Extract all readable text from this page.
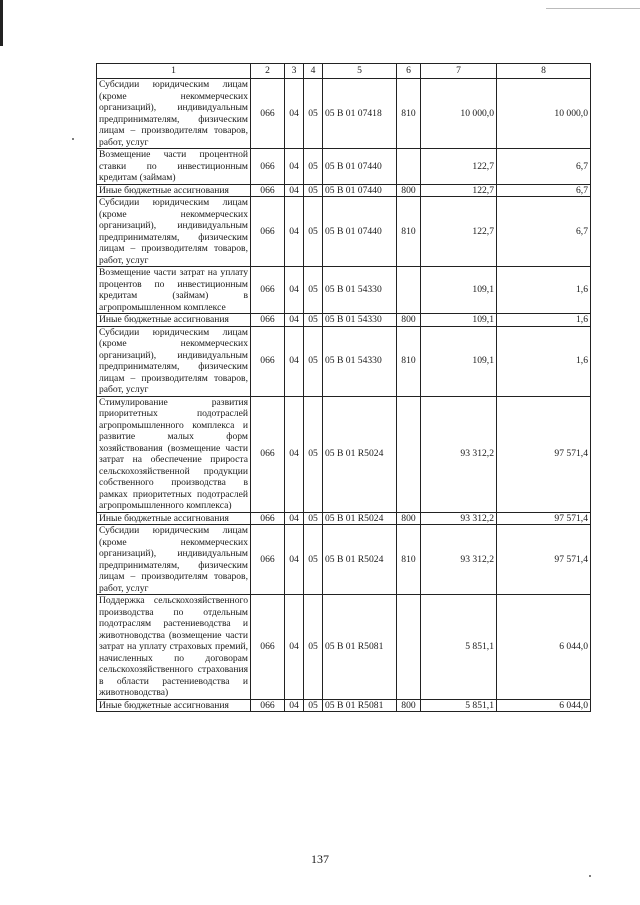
1	2	3	4	5	6	7	8
Субсидии юридическим лицам (кроме некоммерческих организаций), индивидуальным предпринимателям, физическим лицам – производителям товаров, работ, услуг	066	04	05	05 В 01 07418	810	10 000,0	10 000,0
Возмещение части процентной ставки по инвестиционным кредитам (займам)	066	04	05	05 В 01 07440		122,7	6,7
Иные бюджетные ассигнования	066	04	05	05 В 01 07440	800	122,7	6,7
Субсидии юридическим лицам (кроме некоммерческих организаций), индивидуальным предпринимателям, физическим лицам – производителям товаров, работ, услуг	066	04	05	05 В 01 07440	810	122,7	6,7
Возмещение части затрат на уплату процентов по инвестиционным кредитам (займам) в агропромышленном комплексе	066	04	05	05 В 01 54330		109,1	1,6
Иные бюджетные ассигнования	066	04	05	05 В 01 54330	800	109,1	1,6
Субсидии юридическим лицам (кроме некоммерческих организаций), индивидуальным предпринимателям, физическим лицам – производителям товаров, работ, услуг	066	04	05	05 В 01 54330	810	109,1	1,6
Стимулирование развития приоритетных подотраслей агропромышленного комплекса и развитие малых форм хозяйствования (возмещение части затрат на обеспечение прироста сельскохозяйственной продукции собственного производства в рамках приоритетных подотраслей агропромышленного комплекса)	066	04	05	05 В 01 R5024		93 312,2	97 571,4
Иные бюджетные ассигнования	066	04	05	05 В 01 R5024	800	93 312,2	97 571,4
Субсидии юридическим лицам (кроме некоммерческих организаций), индивидуальным предпринимателям, физическим лицам – производителям товаров, работ, услуг	066	04	05	05 В 01 R5024	810	93 312,2	97 571,4
Поддержка сельскохозяйственного производства по отдельным подотраслям растениеводства и животноводства (возмещение части затрат на уплату страховых премий, начисленных по договорам сельскохозяйственного страхования в области растениеводства и животноводства)	066	04	05	05 В 01 R5081		5 851,1	6 044,0
Иные бюджетные ассигнования	066	04	05	05 В 01 R5081	800	5 851,1	6 044,0
137
